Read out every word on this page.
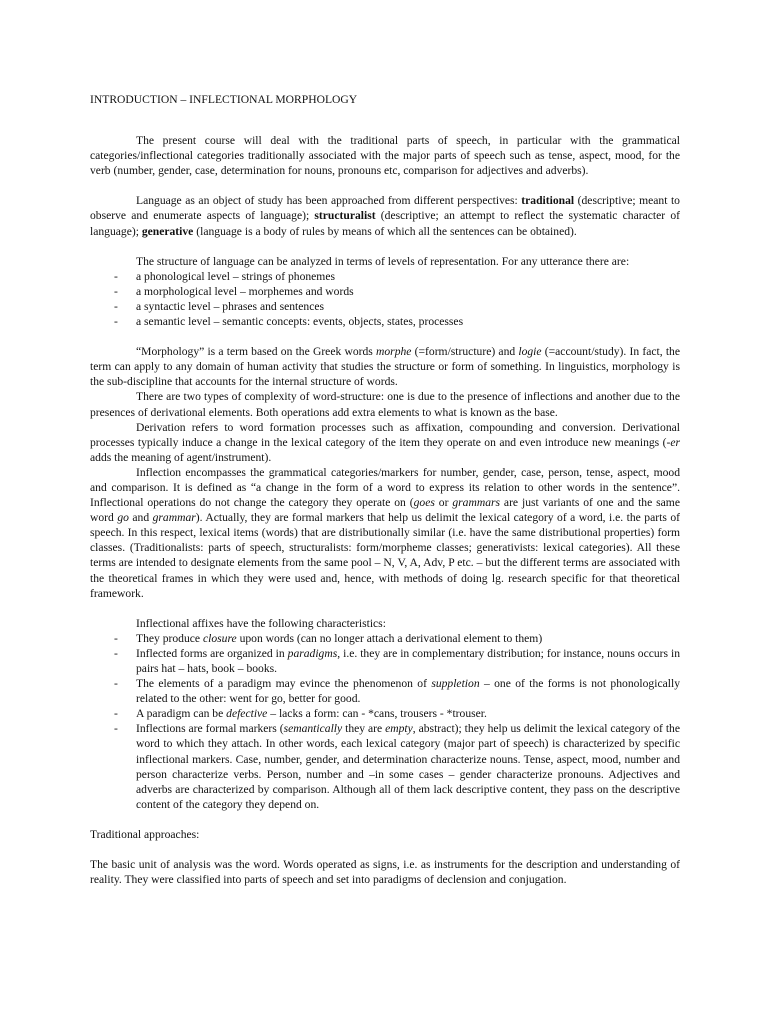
INTRODUCTION – INFLECTIONAL MORPHOLOGY

The present course will deal with the traditional parts of speech, in particular with the grammatical categories/inflectional categories traditionally associated with the major parts of speech such as tense, aspect, mood, for the verb (number, gender, case, determination for nouns, pronouns etc, comparison for adjectives and adverbs).

Language as an object of study has been approached from different perspectives: traditional (descriptive; meant to observe and enumerate aspects of language); structuralist (descriptive; an attempt to reflect the systematic character of language); generative (language is a body of rules by means of which all the sentences can be obtained).

The structure of language can be analyzed in terms of levels of representation. For any utterance there are:

- a phonological level – strings of phonemes
- a morphological level – morphemes and words
- a syntactic level – phrases and sentences
- a semantic level – semantic concepts: events, objects, states, processes

“Morphology” is a term based on the Greek words morphe (=form/structure) and logie (=account/study). In fact, the term can apply to any domain of human activity that studies the structure or form of something. In linguistics, morphology is the sub-discipline that accounts for the internal structure of words.

There are two types of complexity of word-structure: one is due to the presence of inflections and another due to the presences of derivational elements. Both operations add extra elements to what is known as the base.

Derivation refers to word formation processes such as affixation, compounding and conversion. Derivational processes typically induce a change in the lexical category of the item they operate on and even introduce new meanings (-er adds the meaning of agent/instrument).

Inflection encompasses the grammatical categories/markers for number, gender, case, person, tense, aspect, mood and comparison. It is defined as “a change in the form of a word to express its relation to other words in the sentence”. Inflectional operations do not change the category they operate on (goes or grammars are just variants of one and the same word go and grammar). Actually, they are formal markers that help us delimit the lexical category of a word, i.e. the parts of speech. In this respect, lexical items (words) that are distributionally similar (i.e. have the same distributional properties) form classes. (Traditionalists: parts of speech, structuralists: form/morpheme classes; generativists: lexical categories). All these terms are intended to designate elements from the same pool – N, V, A, Adv, P etc. – but the different terms are associated with the theoretical frames in which they were used and, hence, with methods of doing lg. research specific for that theoretical framework.

Inflectional affixes have the following characteristics:

- They produce closure upon words (can no longer attach a derivational element to them)
- Inflected forms are organized in paradigms, i.e. they are in complementary distribution; for instance, nouns occurs in pairs hat – hats, book – books.
- The elements of a paradigm may evince the phenomenon of suppletion – one of the forms is not phonologically related to the other: went for go, better for good.
- A paradigm can be defective – lacks a form: can - *cans, trousers - *trouser.
- Inflections are formal markers (semantically they are empty, abstract); they help us delimit the lexical category of the word to which they attach. In other words, each lexical category (major part of speech) is characterized by specific inflectional markers. Case, number, gender, and determination characterize nouns. Tense, aspect, mood, number and person characterize verbs. Person, number and –in some cases – gender characterize pronouns. Adjectives and adverbs are characterized by comparison. Although all of them lack descriptive content, they pass on the descriptive content of the category they depend on.

Traditional approaches:

The basic unit of analysis was the word. Words operated as signs, i.e. as instruments for the description and understanding of reality. They were classified into parts of speech and set into paradigms of declension and conjugation.
